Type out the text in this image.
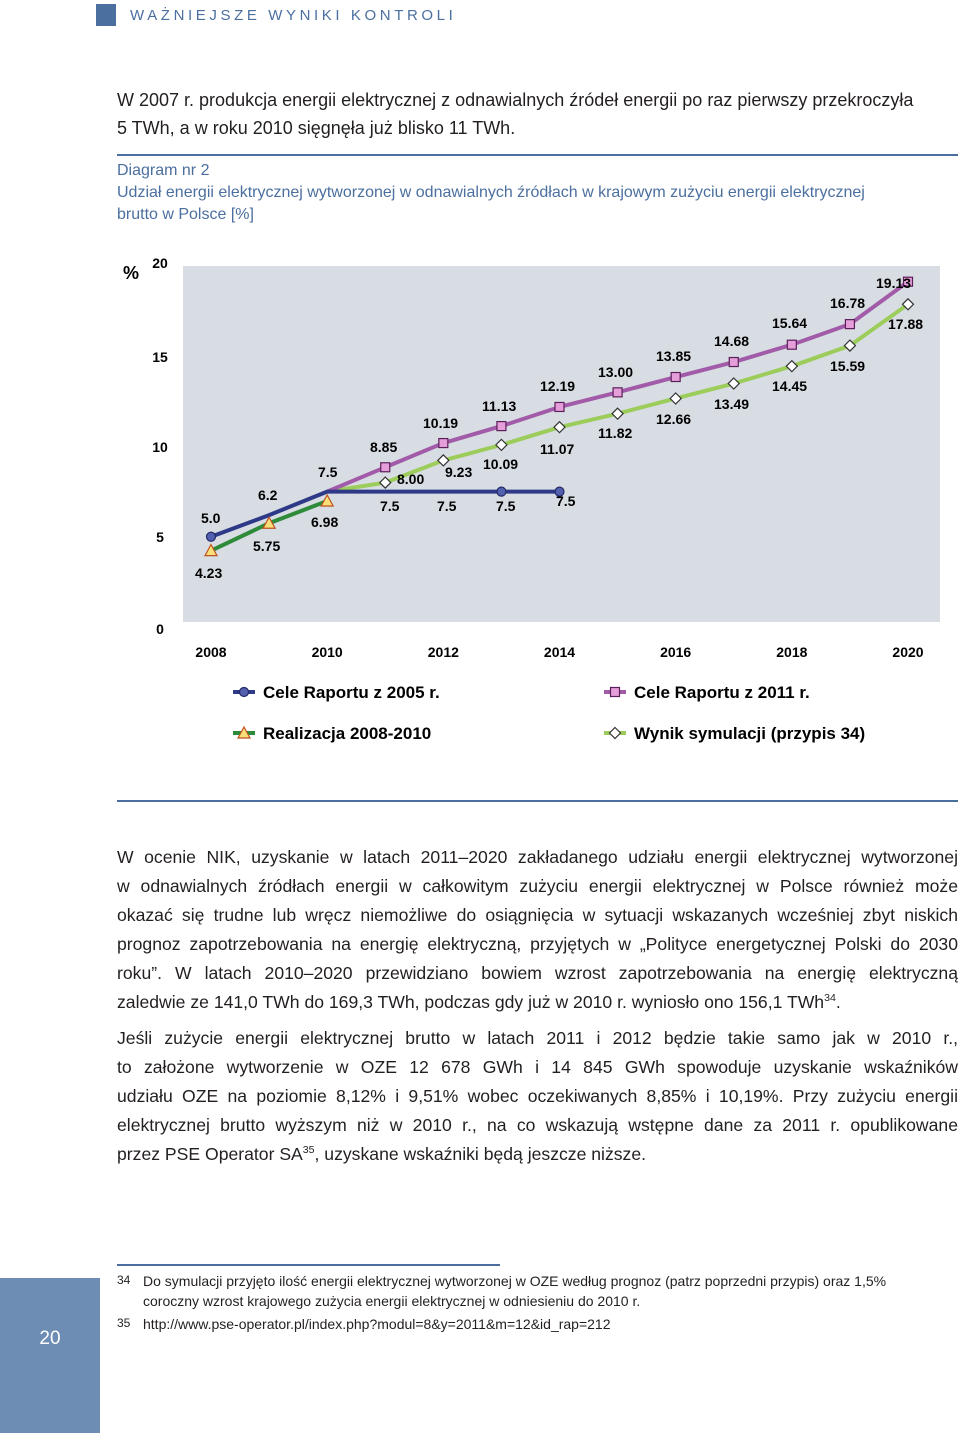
WAŻNIEJSZE WYNIKI KONTROLI
W 2007 r. produkcja energii elektrycznej z odnawialnych źródeł energii po raz pierwszy przekroczyła
5 TWh, a w roku 2010 sięgnęła już blisko 11 TWh.
Diagram nr 2
Udział energii elektrycznej wytworzonej w odnawialnych źródłach w krajowym zużyciu energii elektrycznej
brutto w Polsce [%]
% 20
15
10
5
0
2008	2010	2012	2014	2016	2018	2020
5.0
6.2
7.5
7.5	7.5	7.5	7.5
4.23
5.75
6.98
8.85
10.19
11.13
12.19
13.00
13.85
14.68
15.64
16.78
19.13
8.00 9.23 10.09
11.07
11.82
12.66
13.49
14.45
15.59
17.88
Cele Raportu z 2005 r.
Realizacja 2008-2010
Cele Raportu z 2011 r.
Wynik symulacji (przypis 34)
W ocenie NIK, uzyskanie w latach 2011–2020 zakładanego udziału energii elektrycznej wytworzonej
w odnawialnych źródłach energii w całkowitym zużyciu energii elektrycznej w Polsce również może
okazać się trudne lub wręcz niemożliwe do osiągnięcia w sytuacji wskazanych wcześniej zbyt niskich
prognoz zapotrzebowania na energię elektryczną, przyjętych w „Polityce energetycznej Polski do 2030
roku”. W latach 2010–2020 przewidziano bowiem wzrost zapotrzebowania na energię elektryczną
zaledwie ze 141,0 TWh do 169,3 TWh, podczas gdy już w 2010 r. wyniosło ono 156,1 TWh$^{34}$.
Jeśli zużycie energii elektrycznej brutto w latach 2011 i 2012 będzie takie samo jak w 2010 r.,
to założone wytworzenie w OZE 12 678 GWh i 14 845 GWh spowoduje uzyskanie wskaźników
udziału OZE na poziomie 8,12% i 9,51% wobec oczekiwanych 8,85% i 10,19%. Przy zużyciu energii
elektrycznej brutto wyższym niż w 2010 r., na co wskazują wstępne dane za 2011 r. opublikowane
przez PSE Operator SA$^{35}$, uzyskane wskaźniki będą jeszcze niższe.
20
34 Do symulacji przyjęto ilość energii elektrycznej wytworzonej w OZE według prognoz (patrz poprzedni przypis) oraz 1,5%
coroczny wzrost krajowego zużycia energii elektrycznej w odniesieniu do 2010 r.
35 http://www.pse-operator.pl/index.php?modul=8&y=2011&m=12&id_rap=212
